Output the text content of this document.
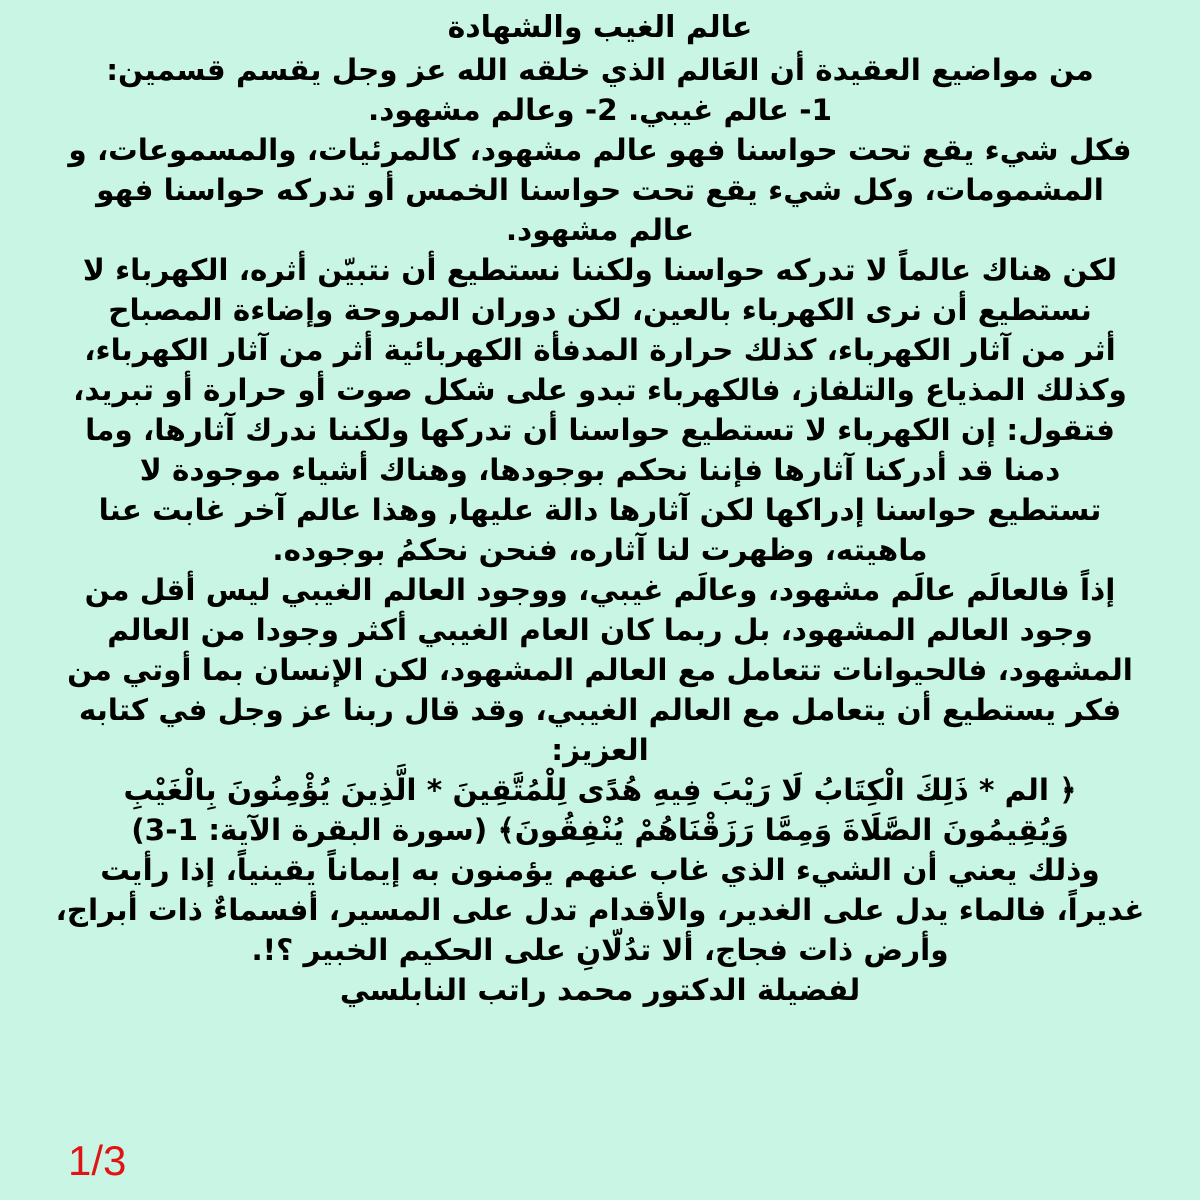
عالم الغيب والشهادة
من مواضيع العقيدة أن العَالم الذي خلقه الله عز وجل يقسم قسمين:
1- عالم غيبي. 2- وعالم مشهود.
فكل شيء يقع تحت حواسنا فهو عالم مشهود، كالمرئيات، والمسموعات، و
المشمومات، وكل شيء يقع تحت حواسنا الخمس أو تدركه حواسنا فهو
عالم مشهود.
لكن هناك عالماً لا تدركه حواسنا ولكننا نستطيع أن نتبيّن أثره، الكهرباء لا
نستطيع أن نرى الكهرباء بالعين، لكن دوران المروحة وإضاءة المصباح
أثر من آثار الكهرباء، كذلك حرارة المدفأة الكهربائية أثر من آثار الكهرباء،
وكذلك المذياع والتلفاز، فالكهرباء تبدو على شكل صوت أو حرارة أو تبريد،
فتقول: إن الكهرباء لا تستطيع حواسنا أن تدركها ولكننا ندرك آثارها، وما
دمنا قد أدركنا آثارها فإننا نحكم بوجودها، وهناك أشياء موجودة لا
تستطيع حواسنا إدراكها لكن آثارها دالة عليها, وهذا عالم آخر غابت عنا
ماهيته، وظهرت لنا آثاره، فنحن نحكمُ بوجوده.
إذاً فالعالَم عالَم مشهود، وعالَم غيبي، ووجود العالم الغيبي ليس أقل من
وجود العالم المشهود، بل ربما كان العام الغيبي أكثر وجودا من العالم
المشهود، فالحيوانات تتعامل مع العالم المشهود، لكن الإنسان بما أوتي من
فكر يستطيع أن يتعامل مع العالم الغيبي، وقد قال ربنا عز وجل في كتابه
العزيز:
﴿ الم * ذَلِكَ الْكِتَابُ لَا رَيْبَ فِيهِ هُدًى لِلْمُتَّقِينَ * الَّذِينَ يُؤْمِنُونَ بِالْغَيْبِ
وَيُقِيمُونَ الصَّلَاةَ وَمِمَّا رَزَقْنَاهُمْ يُنْفِقُونَ﴾ (سورة البقرة الآية: 1-3)
وذلك يعني أن الشيء الذي غاب عنهم يؤمنون به إيماناً يقينياً، إذا رأيت
غديراً، فالماء يدل على الغدير، والأقدام تدل على المسير، أفسماءٌ ذات أبراج،
وأرض ذات فجاج، ألا تدُلّانِ على الحكيم الخبير ؟!.
لفضيلة الدكتور محمد راتب النابلسي
1/3
